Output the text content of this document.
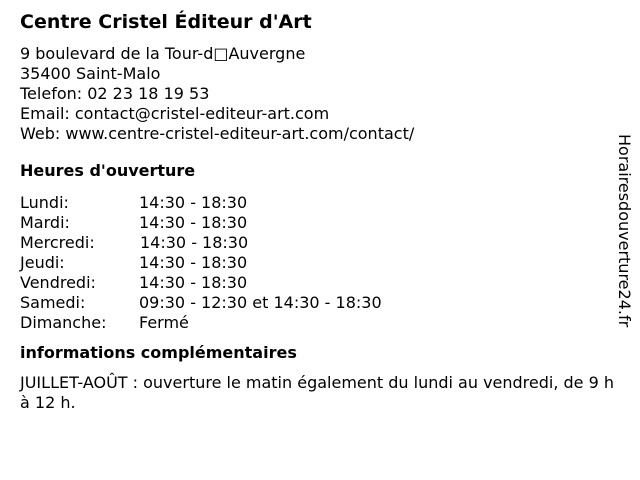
Centre Cristel Éditeur d'Art
9 boulevard de la Tour-d□Auvergne
35400 Saint-Malo
Telefon: 02 23 18 19 53
Email: contact@cristel-editeur-art.com
Web: www.centre-cristel-editeur-art.com/contact/
Heures d'ouverture
Lundi:	14:30 - 18:30
Mardi:	14:30 - 18:30
Mercredi:	14:30 - 18:30
Jeudi:	14:30 - 18:30
Vendredi:	14:30 - 18:30
Samedi:	09:30 - 12:30 et 14:30 - 18:30
Dimanche:	Fermé
informations complémentaires
JUILLET-AOÛT : ouverture le matin également du lundi au vendredi, de 9 h à 12 h.
Horairesdouverture24.fr
